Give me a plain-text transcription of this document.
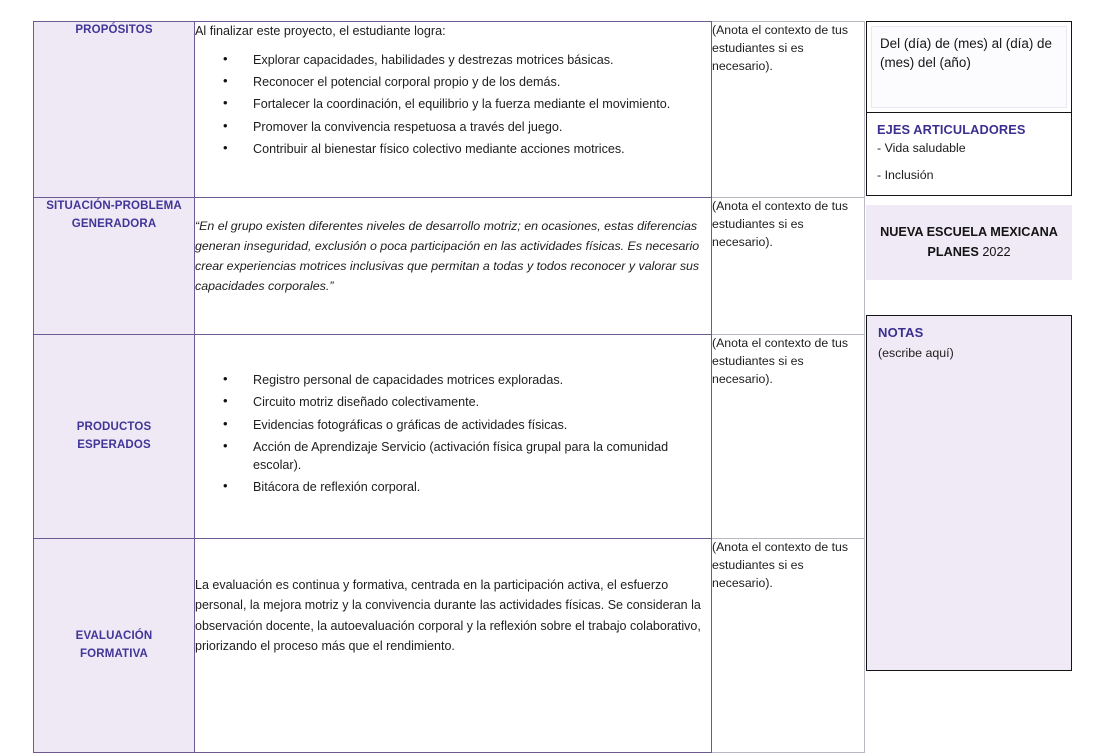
PROPÓSITOS	Al finalizar este proyecto, el estudiante logra:

• Explorar capacidades, habilidades y destrezas motrices básicas.
• Reconocer el potencial corporal propio y de los demás.
• Fortalecer la coordinación, el equilibrio y la fuerza mediante el movimiento.
• Promover la convivencia respetuosa a través del juego.
• Contribuir al bienestar físico colectivo mediante acciones motrices.
	(Anota el contexto de tus estudiantes si es necesario).
SITUACIÓN-PROBLEMA
GENERADORA	“En el grupo existen diferentes niveles de desarrollo motriz; en ocasiones, estas diferencias generan inseguridad, exclusión o poca participación en las actividades físicas. Es necesario crear experiencias motrices inclusivas que permitan a todas y todos reconocer y valorar sus capacidades corporales.”	(Anota el contexto de tus estudiantes si es necesario).
PRODUCTOS
ESPERADOS	
• Registro personal de capacidades motrices exploradas.
• Circuito motriz diseñado colectivamente.
• Evidencias fotográficas o gráficas de actividades físicas.
• Acción de Aprendizaje Servicio (activación física grupal para la comunidad escolar).
• Bitácora de reflexión corporal.
	(Anota el contexto de tus estudiantes si es necesario).
EVALUACIÓN
FORMATIVA	La evaluación es continua y formativa, centrada en la participación activa, el esfuerzo personal, la mejora motriz y la convivencia durante las actividades físicas. Se consideran la observación docente, la autoevaluación corporal y la reflexión sobre el trabajo colaborativo, priorizando el proceso más que el rendimiento.	(Anota el contexto de tus estudiantes si es necesario).
Del (día) de (mes) al (día) de (mes) del (año)

EJES ARTICULADORES

- Vida saludable

- Inclusión

NUEVA ESCUELA MEXICANA
PLANES 2022

NOTAS

(escribe aquí)
